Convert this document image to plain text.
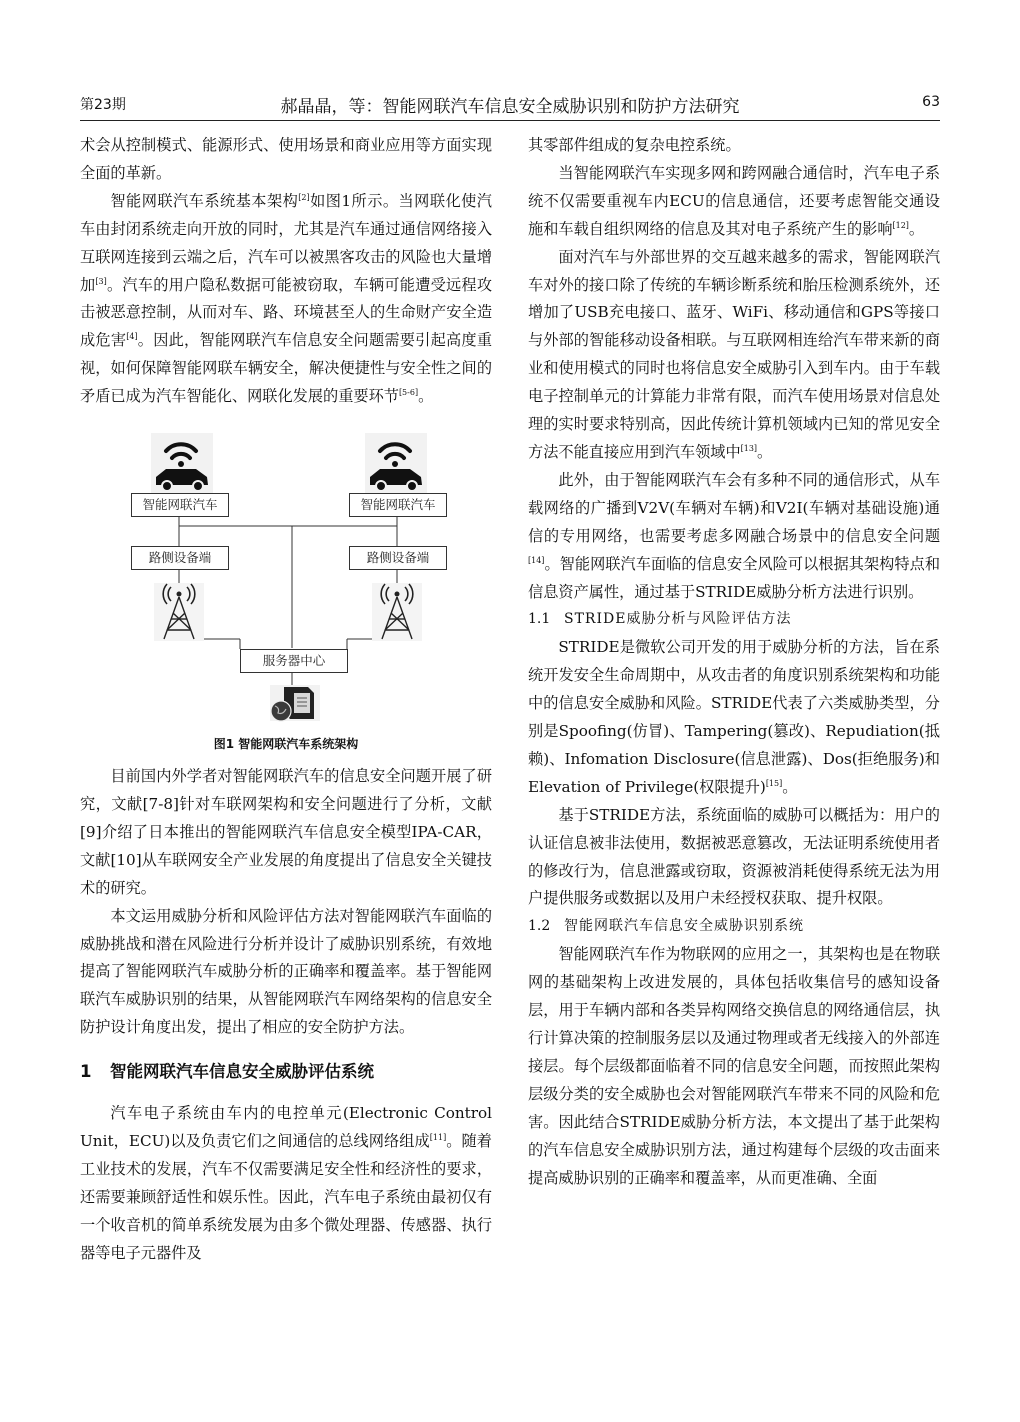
第23期	郝晶晶，等：智能网联汽车信息安全威胁识别和防护方法研究	63

术会从控制模式、能源形式、使用场景和商业应用等方面实现全面的革新。

智能网联汽车系统基本架构[2]如图1所示。当网联化使汽车由封闭系统走向开放的同时，尤其是汽车通过通信网络接入互联网连接到云端之后，汽车可以被黑客攻击的风险也大量增加[3]。汽车的用户隐私数据可能被窃取，车辆可能遭受远程攻击被恶意控制，从而对车、路、环境甚至人的生命财产安全造成危害[4]。因此，智能网联汽车信息安全问题需要引起高度重视，如何保障智能网联车辆安全，解决便捷性与安全性之间的矛盾已成为汽车智能化、网联化发展的重要环节[5-6]。

智能网联汽车	智能网联汽车
路侧设备端	路侧设备端
服务器中心
图1 智能网联汽车系统架构

目前国内外学者对智能网联汽车的信息安全问题开展了研究，文献[7-8]针对车联网架构和安全问题进行了分析，文献[9]介绍了日本推出的智能网联汽车信息安全模型IPA-CAR，文献[10]从车联网安全产业发展的角度提出了信息安全关键技术的研究。

本文运用威胁分析和风险评估方法对智能网联汽车面临的威胁挑战和潜在风险进行分析并设计了威胁识别系统，有效地提高了智能网联汽车威胁分析的正确率和覆盖率。基于智能网联汽车威胁识别的结果，从智能网联汽车网络架构的信息安全防护设计角度出发，提出了相应的安全防护方法。

1 智能网联汽车信息安全威胁评估系统

汽车电子系统由车内的电控单元(Electronic Control Unit，ECU)以及负责它们之间通信的总线网络组成[11]。随着工业技术的发展，汽车不仅需要满足安全性和经济性的要求，还需要兼顾舒适性和娱乐性。因此，汽车电子系统由最初仅有一个收音机的简单系统发展为由多个微处理器、传感器、执行器等电子元器件及

其零部件组成的复杂电控系统。

当智能网联汽车实现多网和跨网融合通信时，汽车电子系统不仅需要重视车内ECU的信息通信，还要考虑智能交通设施和车载自组织网络的信息及其对电子系统产生的影响[12]。

面对汽车与外部世界的交互越来越多的需求，智能网联汽车对外的接口除了传统的车辆诊断系统和胎压检测系统外，还增加了USB充电接口、蓝牙、WiFi、移动通信和GPS等接口与外部的智能移动设备相联。与互联网相连给汽车带来新的商业和使用模式的同时也将信息安全威胁引入到车内。由于车载电子控制单元的计算能力非常有限，而汽车使用场景对信息处理的实时要求特别高，因此传统计算机领域内已知的常见安全方法不能直接应用到汽车领域中[13]。

此外，由于智能网联汽车会有多种不同的通信形式，从车载网络的广播到V2V(车辆对车辆)和V2I(车辆对基础设施)通信的专用网络，也需要考虑多网融合场景中的信息安全问题[14]。智能网联汽车面临的信息安全风险可以根据其架构特点和信息资产属性，通过基于STRIDE威胁分析方法进行识别。

1.1 STRIDE威胁分析与风险评估方法

STRIDE是微软公司开发的用于威胁分析的方法，旨在系统开发安全生命周期中，从攻击者的角度识别系统架构和功能中的信息安全威胁和风险。STRIDE代表了六类威胁类型，分别是Spoofing(仿冒)、Tampering(篡改)、Repudiation(抵赖)、Infomation Disclosure(信息泄露)、Dos(拒绝服务)和Elevation of Privilege(权限提升)[15]。

基于STRIDE方法，系统面临的威胁可以概括为：用户的认证信息被非法使用，数据被恶意篡改，无法证明系统使用者的修改行为，信息泄露或窃取，资源被消耗使得系统无法为用户提供服务或数据以及用户未经授权获取、提升权限。

1.2 智能网联汽车信息安全威胁识别系统

智能网联汽车作为物联网的应用之一，其架构也是在物联网的基础架构上改进发展的，具体包括收集信号的感知设备层，用于车辆内部和各类异构网络交换信息的网络通信层，执行计算决策的控制服务层以及通过物理或者无线接入的外部连接层。每个层级都面临着不同的信息安全问题，而按照此架构层级分类的安全威胁也会对智能网联汽车带来不同的风险和危害。因此结合STRIDE威胁分析方法，本文提出了基于此架构的汽车信息安全威胁识别方法，通过构建每个层级的攻击面来提高威胁识别的正确率和覆盖率，从而更准确、全面
